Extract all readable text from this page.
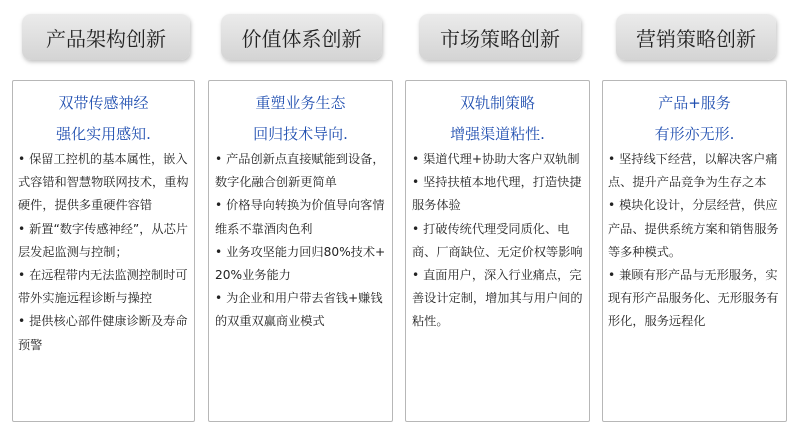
产品架构创新
双带传感神经
强化实用感知.

• 保留工控机的基本属性，嵌入式容错和智慧物联网技术，重构硬件，提供多重硬件容错

• 新置“数字传感神经”，从芯片层发起监测与控制；

• 在远程带内无法监测控制时可带外实施远程诊断与操控

• 提供核心部件健康诊断及寿命预警

价值体系创新
重塑业务生态
回归技术导向.

• 产品创新点直接赋能到设备，数字化融合创新更简单

• 价格导向转换为价值导向客情维系不靠酒肉色利

• 业务攻坚能力回归80%技术+20%业务能力

• 为企业和用户带去省钱+赚钱的双重双赢商业模式

市场策略创新
双轨制策略
增强渠道粘性.

• 渠道代理+协助大客户双轨制

• 坚持扶植本地代理，打造快捷服务体验

• 打破传统代理受同质化、电商、厂商缺位、无定价权等影响

• 直面用户，深入行业痛点，完善设计定制，增加其与用户间的粘性。

营销策略创新
产品+服务
有形亦无形.

• 坚持线下经营，以解决客户痛点、提升产品竞争为生存之本

• 模块化设计，分层经营，供应产品、提供系统方案和销售服务等多种模式。

• 兼顾有形产品与无形服务，实现有形产品服务化、无形服务有形化，服务远程化
